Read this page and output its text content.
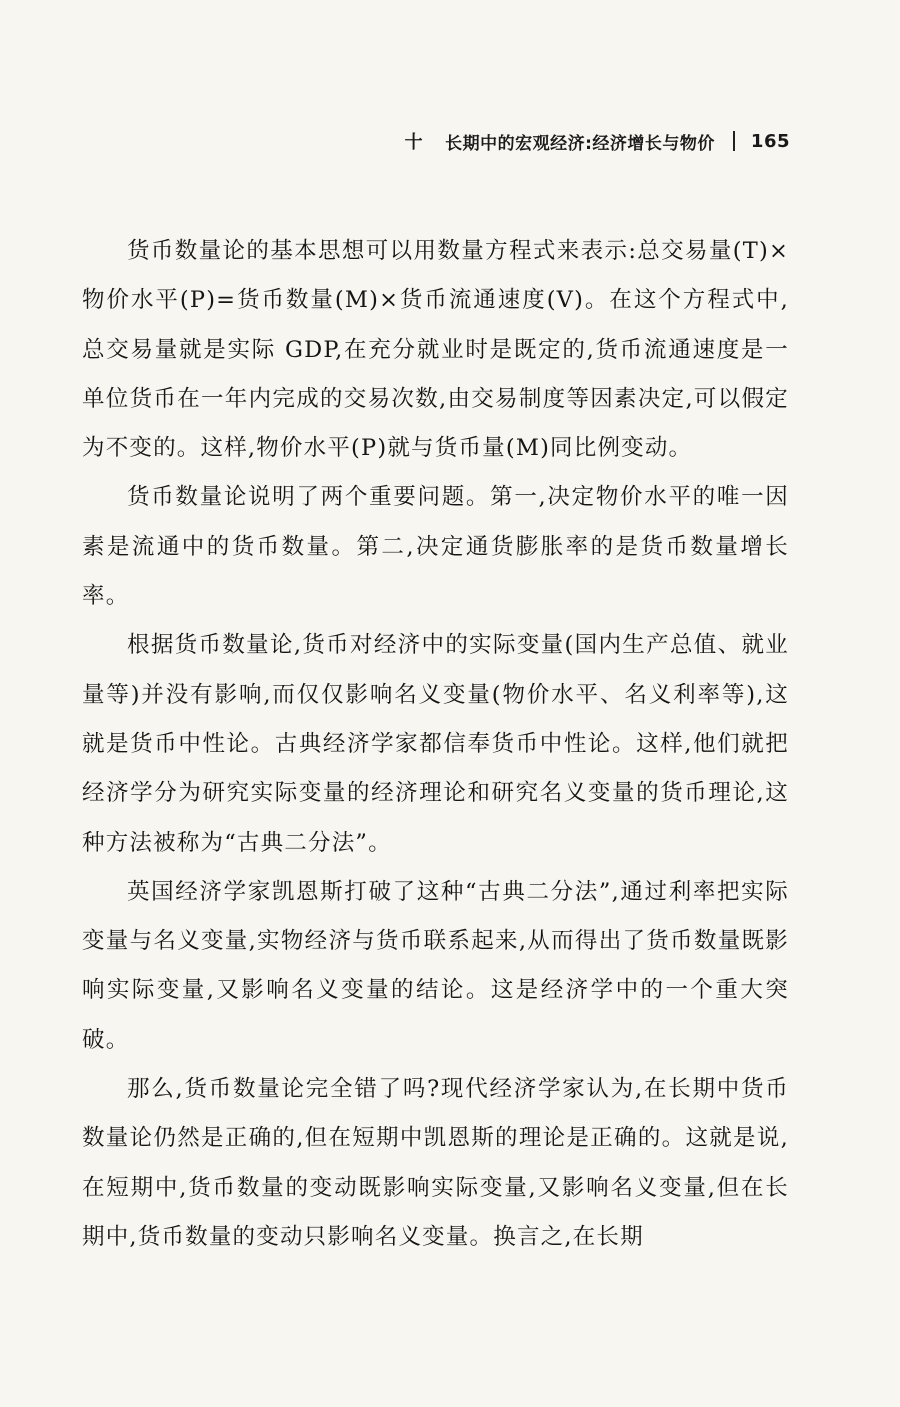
十 长期中的宏观经济:经济增长与物价 165

货币数量论的基本思想可以用数量方程式来表示:总交易量(T)×物价水平(P)=货币数量(M)×货币流通速度(V)。在这个方程式中,总交易量就是实际 GDP,在充分就业时是既定的,货币流通速度是一单位货币在一年内完成的交易次数,由交易制度等因素决定,可以假定为不变的。这样,物价水平(P)就与货币量(M)同比例变动。

货币数量论说明了两个重要问题。第一,决定物价水平的唯一因素是流通中的货币数量。第二,决定通货膨胀率的是货币数量增长率。

根据货币数量论,货币对经济中的实际变量(国内生产总值、就业量等)并没有影响,而仅仅影响名义变量(物价水平、名义利率等),这就是货币中性论。古典经济学家都信奉货币中性论。这样,他们就把经济学分为研究实际变量的经济理论和研究名义变量的货币理论,这种方法被称为“古典二分法”。

英国经济学家凯恩斯打破了这种“古典二分法”,通过利率把实际变量与名义变量,实物经济与货币联系起来,从而得出了货币数量既影响实际变量,又影响名义变量的结论。这是经济学中的一个重大突破。

那么,货币数量论完全错了吗?现代经济学家认为,在长期中货币数量论仍然是正确的,但在短期中凯恩斯的理论是正确的。这就是说,在短期中,货币数量的变动既影响实际变量,又影响名义变量,但在长期中,货币数量的变动只影响名义变量。换言之,在长期
